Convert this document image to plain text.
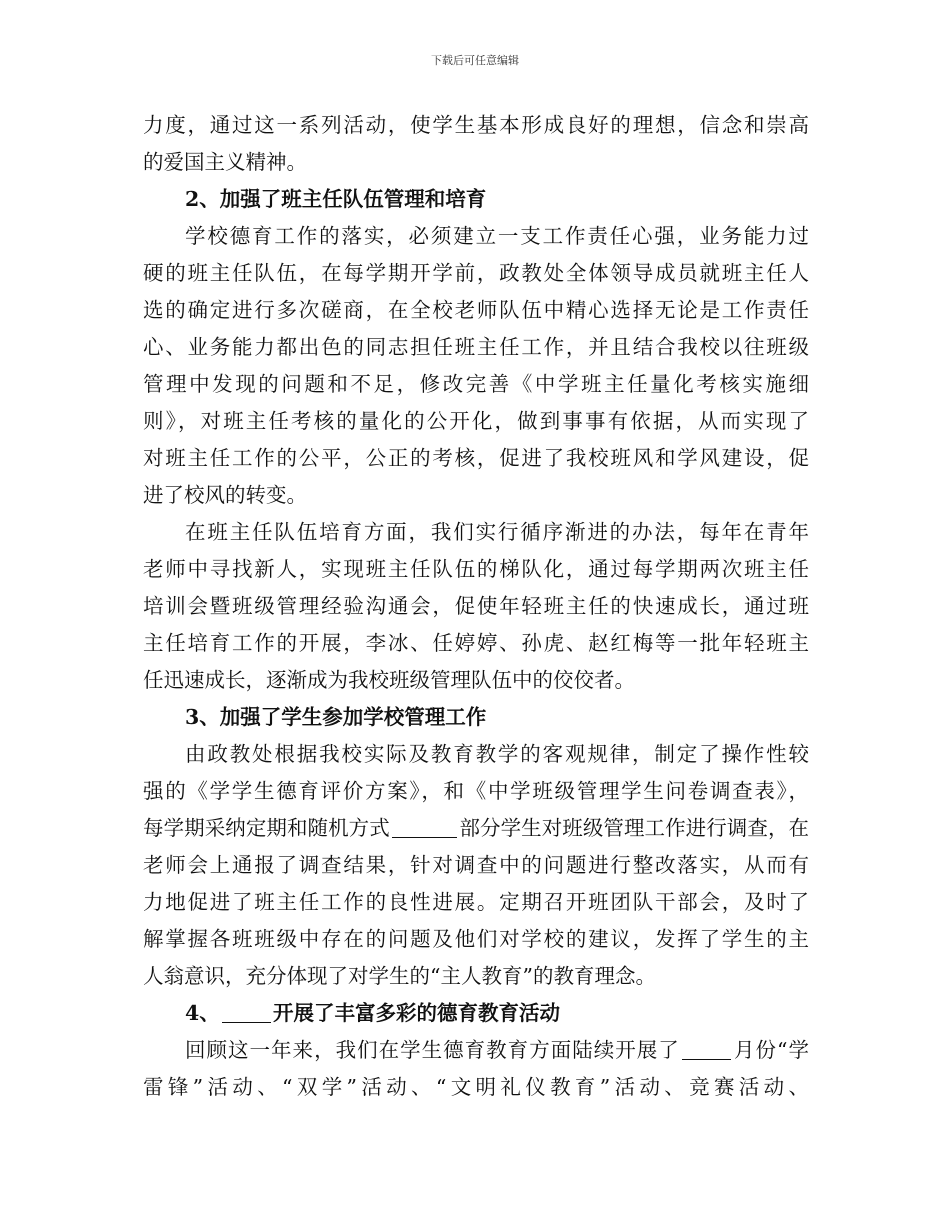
下载后可任意编辑
力度，通过这一系列活动，使学生基本形成良好的理想，信念和崇高
的爱国主义精神。
2、加强了班主任队伍管理和培育
学校德育工作的落实，必须建立一支工作责任心强，业务能力过
硬的班主任队伍，在每学期开学前，政教处全体领导成员就班主任人
选的确定进行多次磋商，在全校老师队伍中精心选择无论是工作责任
心、业务能力都出色的同志担任班主任工作，并且结合我校以往班级
管理中发现的问题和不足，修改完善《中学班主任量化考核实施细
则》，对班主任考核的量化的公开化，做到事事有依据，从而实现了
对班主任工作的公平，公正的考核，促进了我校班风和学风建设，促
进了校风的转变。
在班主任队伍培育方面，我们实行循序渐进的办法，每年在青年
老师中寻找新人，实现班主任队伍的梯队化，通过每学期两次班主任
培训会暨班级管理经验沟通会，促使年轻班主任的快速成长，通过班
主任培育工作的开展，李冰、任婷婷、孙虎、赵红梅等一批年轻班主
任迅速成长，逐渐成为我校班级管理队伍中的佼佼者。
3、加强了学生参加学校管理工作
由政教处根据我校实际及教育教学的客观规律，制定了操作性较
强的《学学生德育评价方案》，和《中学班级管理学生问卷调查表》，
每学期采纳定期和随机方式	部分学生对班级管理工作进行调查，在
老师会上通报了调查结果，针对调查中的问题进行整改落实，从而有
力地促进了班主任工作的良性进展。定期召开班团队干部会，及时了
解掌握各班班级中存在的问题及他们对学校的建议，发挥了学生的主
人翁意识，充分体现了对学生的“主人教育”的教育理念。
4、	开展了丰富多彩的德育教育活动
回顾这一年来，我们在学生德育教育方面陆续开展了	月份“学
雷锋”活动、“双学”活动、“文明礼仪教育”活动、竞赛活动、
